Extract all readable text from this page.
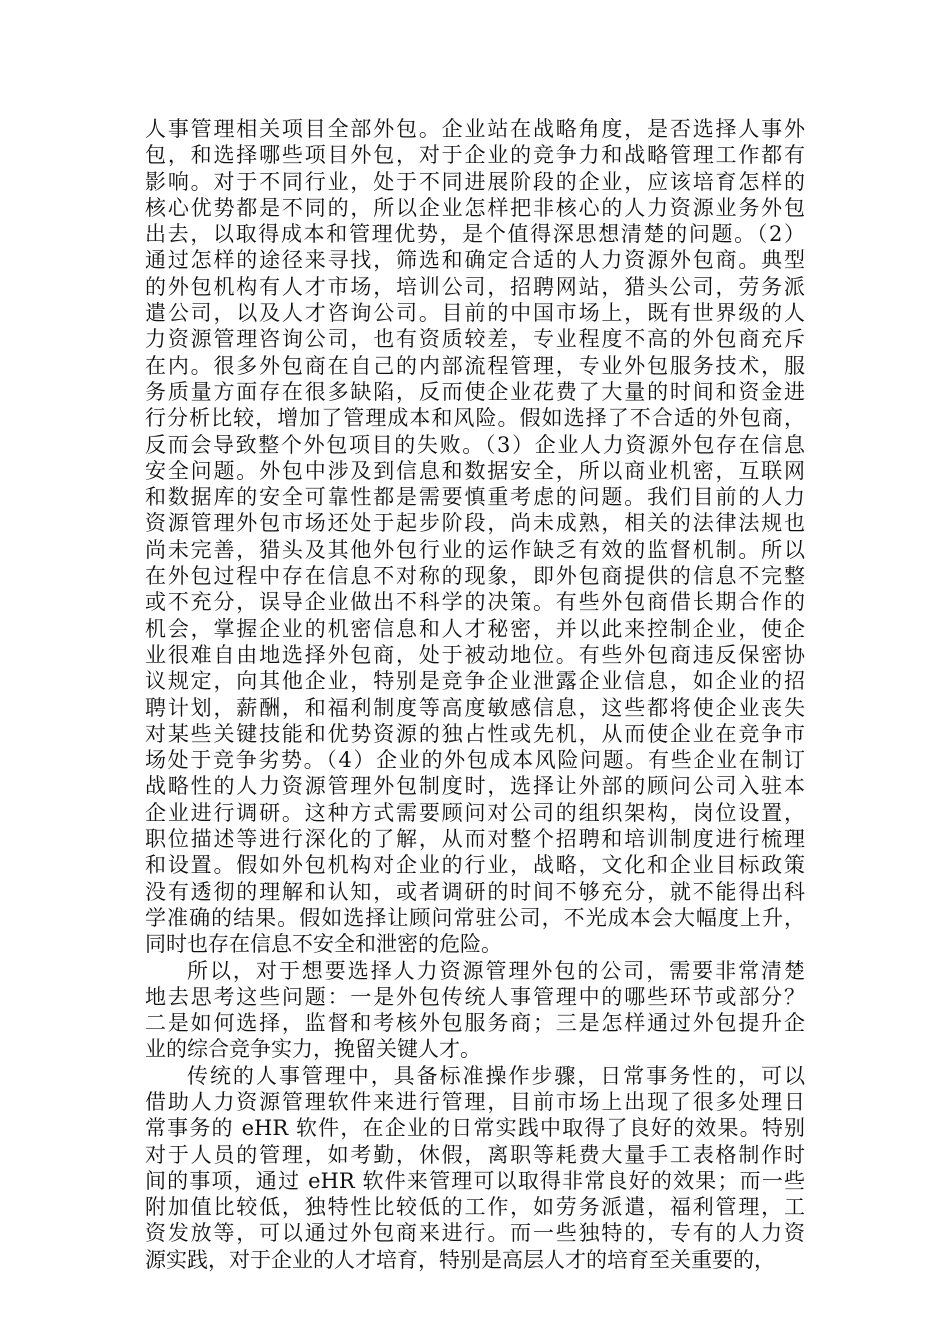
人事管理相关项目全部外包。企业站在战略角度，是否选择人事外
包，和选择哪些项目外包，对于企业的竞争力和战略管理工作都有
影响。对于不同行业，处于不同进展阶段的企业，应该培育怎样的
核心优势都是不同的，所以企业怎样把非核心的人力资源业务外包
出去，以取得成本和管理优势，是个值得深思想清楚的问题。（2）
通过怎样的途径来寻找，筛选和确定合适的人力资源外包商。典型
的外包机构有人才市场，培训公司，招聘网站，猎头公司，劳务派
遣公司，以及人才咨询公司。目前的中国市场上，既有世界级的人
力资源管理咨询公司，也有资质较差，专业程度不高的外包商充斥
在内。很多外包商在自己的内部流程管理，专业外包服务技术，服
务质量方面存在很多缺陷，反而使企业花费了大量的时间和资金进
行分析比较，增加了管理成本和风险。假如选择了不合适的外包商，
反而会导致整个外包项目的失败。（3）企业人力资源外包存在信息
安全问题。外包中涉及到信息和数据安全，所以商业机密，互联网
和数据库的安全可靠性都是需要慎重考虑的问题。我们目前的人力
资源管理外包市场还处于起步阶段，尚未成熟，相关的法律法规也
尚未完善，猎头及其他外包行业的运作缺乏有效的监督机制。所以
在外包过程中存在信息不对称的现象，即外包商提供的信息不完整
或不充分，误导企业做出不科学的决策。有些外包商借长期合作的
机会，掌握企业的机密信息和人才秘密，并以此来控制企业，使企
业很难自由地选择外包商，处于被动地位。有些外包商违反保密协
议规定，向其他企业，特别是竞争企业泄露企业信息，如企业的招
聘计划，薪酬，和福利制度等高度敏感信息，这些都将使企业丧失
对某些关键技能和优势资源的独占性或先机，从而使企业在竞争市
场处于竞争劣势。（4）企业的外包成本风险问题。有些企业在制订
战略性的人力资源管理外包制度时，选择让外部的顾问公司入驻本
企业进行调研。这种方式需要顾问对公司的组织架构，岗位设置，
职位描述等进行深化的了解，从而对整个招聘和培训制度进行梳理
和设置。假如外包机构对企业的行业，战略，文化和企业目标政策
没有透彻的理解和认知，或者调研的时间不够充分，就不能得出科
学准确的结果。假如选择让顾问常驻公司，不光成本会大幅度上升，
同时也存在信息不安全和泄密的危险。
所以，对于想要选择人力资源管理外包的公司，需要非常清楚
地去思考这些问题：一是外包传统人事管理中的哪些环节或部分？
二是如何选择，监督和考核外包服务商；三是怎样通过外包提升企
业的综合竞争实力，挽留关键人才。
传统的人事管理中，具备标准操作步骤，日常事务性的，可以
借助人力资源管理软件来进行管理，目前市场上出现了很多处理日
常事务的 eHR 软件，在企业的日常实践中取得了良好的效果。特别
对于人员的管理，如考勤，休假，离职等耗费大量手工表格制作时
间的事项，通过 eHR 软件来管理可以取得非常良好的效果；而一些
附加值比较低，独特性比较低的工作，如劳务派遣，福利管理，工
资发放等，可以通过外包商来进行。而一些独特的，专有的人力资
源实践，对于企业的人才培育，特别是高层人才的培育至关重要的，
